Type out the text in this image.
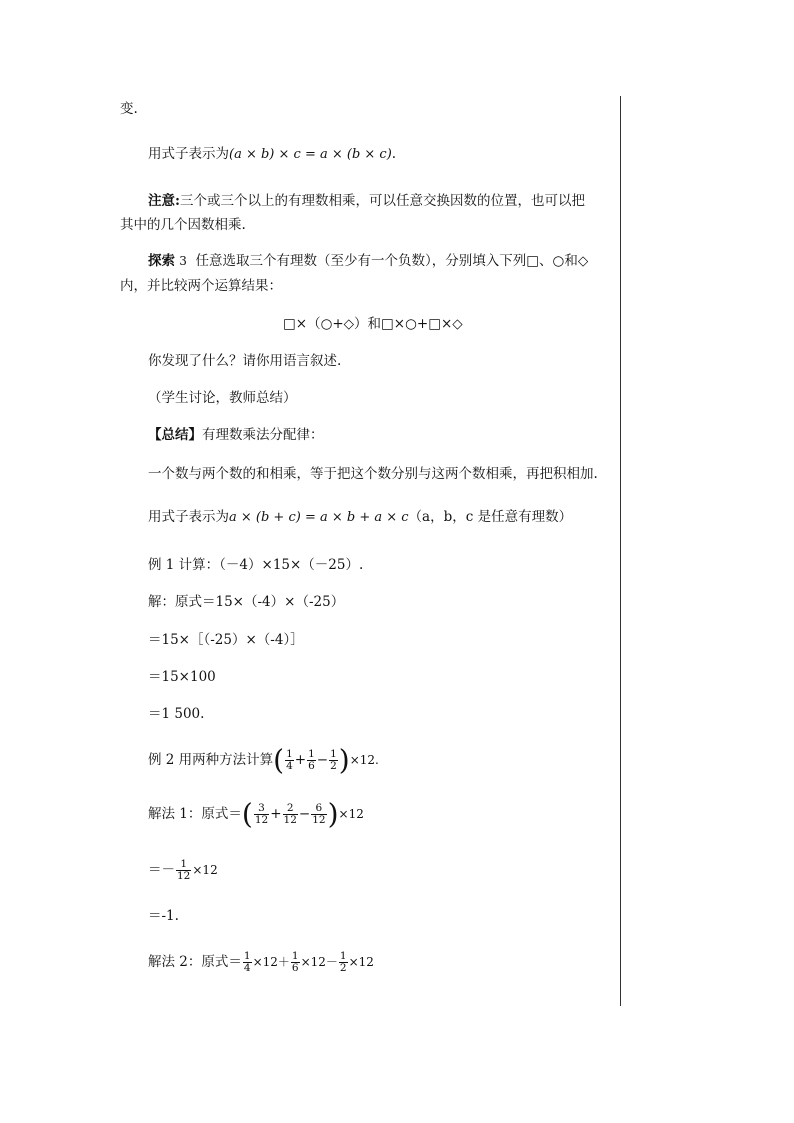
变.
用式子表示为(a × b) × c = a × (b × c).
注意:三个或三个以上的有理数相乘，可以任意交换因数的位置，也可以把
其中的几个因数相乘.
探索 3 任意选取三个有理数（至少有一个负数），分别填入下列□、○和◇
内，并比较两个运算结果：
□×（○+◇）和□×○+□×◇
你发现了什么？请你用语言叙述.
（学生讨论，教师总结）
【总结】有理数乘法分配律：
一个数与两个数的和相乘，等于把这个数分别与这两个数相乘，再把积相加.
用式子表示为a × (b + c) = a × b + a × c（a，b，c 是任意有理数）
例 1 计算：（－4）×15×（－25）.
解：原式＝15×（-4）×（-25）
＝15×［（-25）×（-4）］
＝15×100
＝1 500.
例 2 用两种方法计算( $\frac{1}{4} + \frac{1}{6} - \frac{1}{2} )\times 12$.
解法 1：原式＝( $\frac{3}{12} + \frac{2}{12} - \frac{6}{12} )\times 12$
＝－ $\frac{1}{12} \times 12$
＝-1.
解法 2：原式＝ $\frac{1}{4} \times 12+ \frac{1}{6} \times 12- \frac{1}{2} \times 12$
